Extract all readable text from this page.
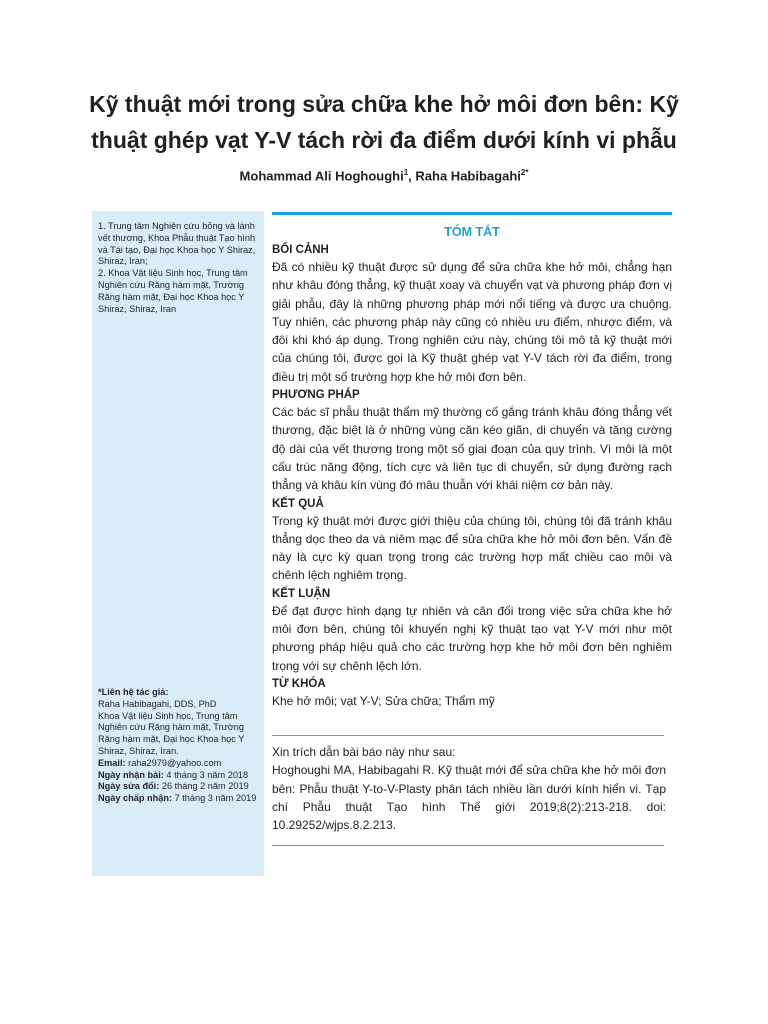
Kỹ thuật mới trong sửa chữa khe hở môi đơn bên: Kỹ thuật ghép vạt Y-V tách rời đa điểm dưới kính vi phẫu
Mohammad Ali Hoghoughi$^1$, Raha Habibagahi$^{2*}$

1. Trung tâm Nghiên cứu bỏng và lành vết thương, Khoa Phẫu thuật Tạo hình và Tái tạo, Đại học Khoa học Y Shiraz, Shiraz, Iran;

2. Khoa Vật liệu Sinh học, Trung tâm Nghiên cứu Răng hàm mặt, Trường Răng hàm mặt, Đại học Khoa học Y Shiraz, Shiraz, Iran

*Liên hệ tác giả:

Raha Habibagahi, DDS, PhD

Khoa Vật liệu Sinh học, Trung tâm Nghiên cứu Răng hàm mặt, Trường Răng hàm mặt, Đại học Khoa học Y Shiraz, Shiraz, Iran.

Email: raha2979@yahoo.com

Ngày nhận bài: 4 tháng 3 năm 2018

Ngày sửa đổi: 26 tháng 2 năm 2019

Ngày chấp nhận: 7 tháng 3 năm 2019

TÓM TẮT
BỐI CẢNH

Đã có nhiều kỹ thuật được sử dụng để sửa chữa khe hở môi, chẳng hạn như khâu đóng thẳng, kỹ thuật xoay và chuyển vạt và phương pháp đơn vị giải phẫu, đây là những phương pháp mới nổi tiếng và được ưa chuộng. Tuy nhiên, các phương pháp này cũng có nhiều ưu điểm, nhược điểm, và đôi khi khó áp dụng. Trong nghiên cứu này, chúng tôi mô tả kỹ thuật mới của chúng tôi, được gọi là Kỹ thuật ghép vạt Y-V tách rời đa điểm, trong điều trị một số trường hợp khe hở môi đơn bên.

PHƯƠNG PHÁP

Các bác sĩ phẫu thuật thẩm mỹ thường cố gắng tránh khâu đóng thẳng vết thương, đặc biệt là ở những vùng căn kéo giãn, di chuyển và tăng cường độ dài của vết thương trong một số giai đoạn của quy trình. Vì môi là một cấu trúc năng động, tích cực và liên tục di chuyển, sử dụng đường rạch thẳng và khâu kín vùng đó mâu thuẫn với khái niệm cơ bản này.

KẾT QUẢ

Trong kỹ thuật mới được giới thiệu của chúng tôi, chúng tôi đã tránh khâu thẳng dọc theo da và niêm mạc để sửa chữa khe hở môi đơn bên. Vấn đề này là cực kỳ quan trọng trong các trường hợp mất chiều cao môi và chênh lệch nghiêm trọng.

KẾT LUẬN

Để đạt được hình dạng tự nhiên và cân đối trong việc sửa chữa khe hở môi đơn bên, chúng tôi khuyến nghị kỹ thuật tạo vạt Y-V mới như một phương pháp hiệu quả cho các trường hợp khe hở môi đơn bên nghiêm trọng với sự chênh lệch lớn.

TỪ KHÓA

Khe hở môi; vạt Y-V; Sửa chữa; Thẩm mỹ

Xin trích dẫn bài báo này như sau:

Hoghoughi MA, Habibagahi R. Kỹ thuật mới để sửa chữa khe hở môi đơn bên: Phẫu thuật Y-to-V-Plasty phân tách nhiều lần dưới kính hiển vi. Tạp chí Phẫu thuật Tạo hình Thế giới 2019;8(2):213-218. doi: 10.29252/wjps.8.2.213.
